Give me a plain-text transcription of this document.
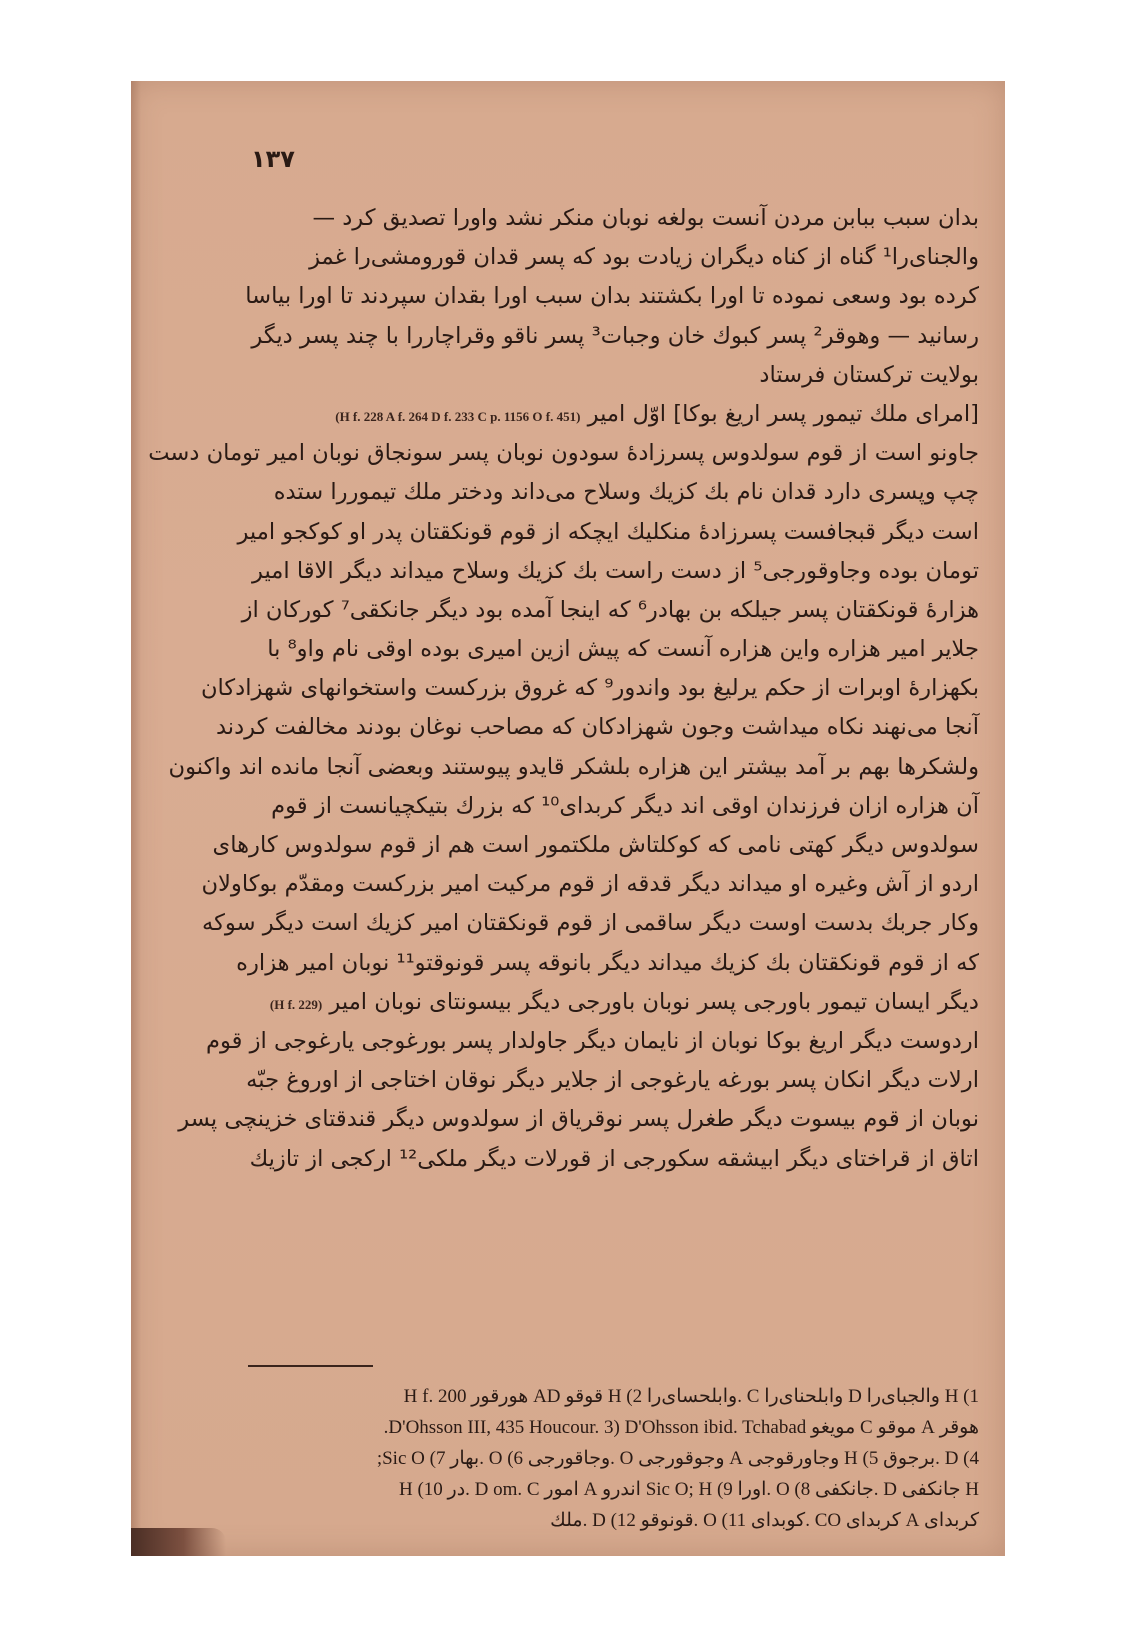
۱۳۷
بدان سبب ببابن مردن آنست بولغه نوبان منکر نشد واورا تصدیق کرد —
والجنای‌را¹ گناه از کناه دیگران زیادت بود که پسر قدان قورومشی‌را غمز
کرده بود وسعی نموده تا اورا بکشتند بدان سبب اورا بقدان سپردند تا اورا بیاسا
رسانید — وهوقر² پسر کبوك خان وجبات³ پسر ناقو وقراچاررا با چند پسر دیگر
بولایت ترکستان فرستاد
[امرای ملك تیمور پسر اریغ بوکا] اوّل امیر (H f. 228 A f. 264 D f. 233 C p. 1156 O f. 451)
جاونو است از قوم سولدوس پسرزادهٔ سودون نوبان پسر سونجاق نوبان امیر تومان دست
چپ وپسری دارد قدان نام بك کزیك وسلاح می‌داند ودختر ملك تیموررا ستده
است دیگر قبجافست پسرزادهٔ منکلیك ایچکه از قوم قونکقتان پدر او کوکجو امیر
تومان بوده وجاوقورجی⁵ از دست راست بك کزیك وسلاح میداند دیگر الاقا امیر
هزارهٔ قونکقتان پسر جیلکه بن بهادر⁶ که اینجا آمده بود دیگر جانکقی⁷ کورکان از
جلایر امیر هزاره واین هزاره آنست که پیش ازین امیری بوده اوقی نام واو⁸ با
بکهزارهٔ اوبرات از حکم یرلیغ بود واندور⁹ که غروق بزرکست واستخوانهای شهزادکان
آنجا می‌نهند نکاه میداشت وجون شهزادکان که مصاحب نوغان بودند مخالفت کردند
ولشکرها بهم بر آمد بیشتر این هزاره بلشکر قایدو پیوستند وبعضی آنجا مانده اند واکنون
آن هزاره ازان فرزندان اوقی اند دیگر کربدای¹⁰ که بزرك بتیکچیانست از قوم
سولدوس دیگر کهتی نامی که کوکلتاش ملکتمور است هم از قوم سولدوس کارهای
اردو از آش وغیره او میداند دیگر قدقه از قوم مرکیت امیر بزرکست ومقدّم بوکاولان
وکار جربك بدست اوست دیگر ساقمی از قوم قونکقتان امیر کزیك است دیگر سوکه
که از قوم قونکقتان بك کزیك میداند دیگر بانوقه پسر قونوقتو¹¹ نوبان امیر هزاره
دیگر ایسان تیمور باورجی پسر نوبان باورجی دیگر بیسونتای نوبان امیر (H f. 229)
اردوست دیگر اریغ بوکا نوبان از نایمان دیگر جاولدار پسر بورغوجی یارغوجی از قوم
ارلات دیگر انکان پسر بورغه یارغوجی از جلایر دیگر نوقان اختاجی از اوروغ جبّه
نوبان از قوم بیسوت دیگر طغرل پسر نوقریاق از سولدوس دیگر قندقتای خزینچی پسر
اتاق از قراختای دیگر ابیشقه سکورجی از قورلات دیگر ملکی¹² ارکجی از تازیك
1) H والجبای‌را D وابلحنای‌را C .وابلحسای‌را 2) H قوقو AD هورقور H f. 200
هوقر A موقو C مویغو D'Ohsson III, 435 Houcour. 3) D'Ohsson ibid. Tchabad.
4) D .برجوق 5) H وجاورقوجی A وجوقورجی O .وجاقورجی 6) O .بهار 7) Sic O;
H جانکفی D .جانکفی 8) O .اورا 9) Sic O; H اندرو A امور D om. C .در 10) H
کربدای A کربدای CO .کوبدای 11) O .قونوقو 12) D .ملك
